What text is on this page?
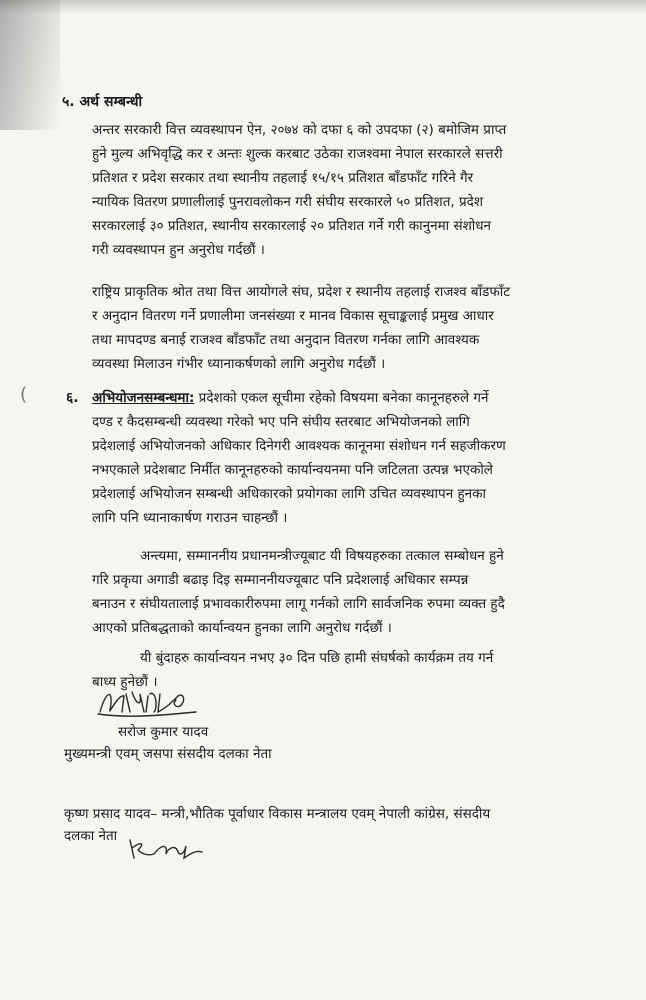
५. अर्थ सम्बन्धी
अन्तर सरकारी वित्त व्यवस्थापन ऐन, २०७४ को दफा ६ को उपदफा (२) बमोजिम प्राप्त
हुने मुल्य अभिवृद्धि कर र अन्तः शुल्क करबाट उठेका राजश्वमा नेपाल सरकारले सत्तरी
प्रतिशत र प्रदेश सरकार तथा स्थानीय तहलाई १५/१५ प्रतिशत बाँडफाँट गरिने गैर
न्यायिक वितरण प्रणालीलाई पुनरावलोकन गरी संघीय सरकारले ५० प्रतिशत, प्रदेश
सरकारलाई ३० प्रतिशत, स्थानीय सरकारलाई २० प्रतिशत गर्ने गरी कानुनमा संशोधन
गरी व्यवस्थापन हुन अनुरोध गर्दछौं ।
राष्ट्रिय प्राकृतिक श्रोत तथा वित्त आयोगले संघ, प्रदेश र स्थानीय तहलाई राजश्व बाँडफाँट
र अनुदान वितरण गर्ने प्रणालीमा जनसंख्या र मानव विकास सूचाङ्कलाई प्रमुख आधार
तथा मापदण्ड बनाई राजश्व बाँडफाँट तथा अनुदान वितरण गर्नका लागि आवश्यक
व्यवस्था मिलाउन गंभीर ध्यानाकर्षणको लागि अनुरोध गर्दछौं ।
(	६. अभियोजनसम्बन्धमा: प्रदेशको एकल सूचीमा रहेको विषयमा बनेका कानूनहरुले गर्ने
दण्ड र कैदसम्बन्धी व्यवस्था गरेको भए पनि संघीय स्तरबाट अभियोजनको लागि
प्रदेशलाई अभियोजनको अधिकार दिनेगरी आवश्यक कानूनमा संशोधन गर्न सहजीकरण
नभएकाले प्रदेशबाट निर्मीत कानूनहरुको कार्यान्वयनमा पनि जटिलता उत्पन्न भएकोले
प्रदेशलाई अभियोजन सम्बन्धी अधिकारको प्रयोगका लागि उचित व्यवस्थापन हुनका
लागि पनि ध्यानाकार्षण गराउन चाहन्छौं ।
अन्त्यमा, सम्माननीय प्रधानमन्त्रीज्यूबाट यी विषयहरुका तत्काल सम्बोधन हुने
गरि प्रकृया अगाडी बढाइ दिइ सम्माननीयज्यूबाट पनि प्रदेशलाई अधिकार सम्पन्न
बनाउन र संघीयतालाई प्रभावकारीरुपमा लागू गर्नको लागि सार्वजनिक रुपमा व्यक्त हुदै
आएको प्रतिबद्धताको कार्यान्वयन हुनका लागि अनुरोध गर्दछौं ।
यी बुंदाहरु कार्यान्वयन नभए ३० दिन पछि हामी संघर्षको कार्यक्रम तय गर्न
बाध्य हुनेछौं ।
सरोज कुमार यादव
मुख्यमन्त्री एवम् जसपा संसदीय दलका नेता
कृष्ण प्रसाद यादव– मन्त्री,भौतिक पूर्वाधार विकास मन्त्रालय एवम् नेपाली कांग्रेस, संसदीय
दलका नेता
